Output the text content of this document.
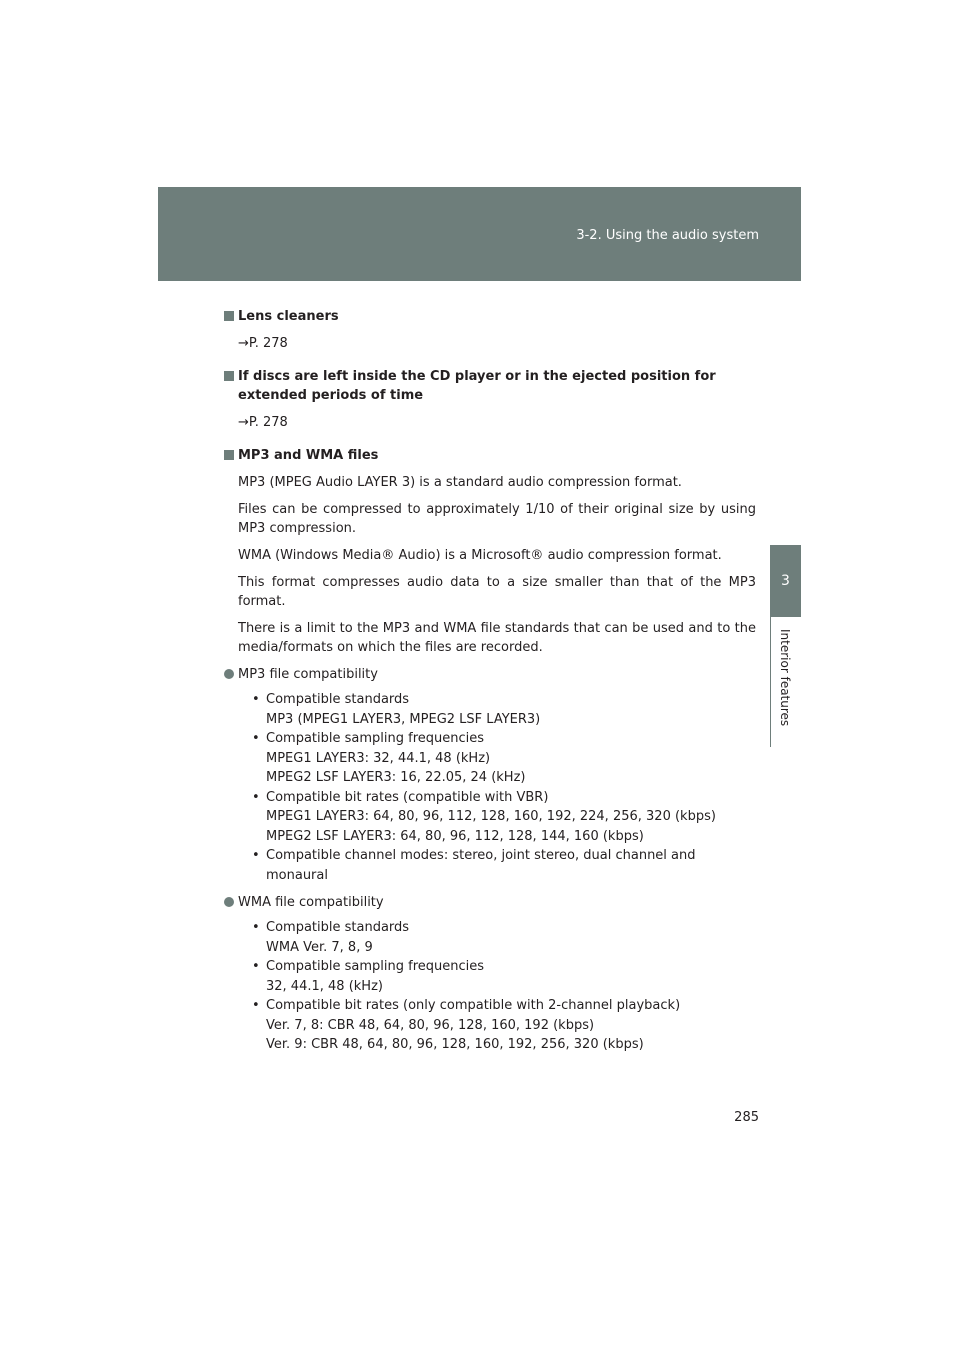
3-2. Using the audio system
3
Interior features
Lens cleaners
→P. 278
If discs are left inside the CD player or in the ejected position for extended periods of time
→P. 278
MP3 and WMA files
MP3 (MPEG Audio LAYER 3) is a standard audio compression format.
Files can be compressed to approximately 1/10 of their original size by using MP3 compression.
WMA (Windows Media® Audio) is a Microsoft® audio compression format.
This format compresses audio data to a size smaller than that of the MP3 format.
There is a limit to the MP3 and WMA file standards that can be used and to the media/formats on which the files are recorded.
MP3 file compatibility
• Compatible standards
MP3 (MPEG1 LAYER3, MPEG2 LSF LAYER3)
• Compatible sampling frequencies
MPEG1 LAYER3: 32, 44.1, 48 (kHz)
MPEG2 LSF LAYER3: 16, 22.05, 24 (kHz)
• Compatible bit rates (compatible with VBR)
MPEG1 LAYER3: 64, 80, 96, 112, 128, 160, 192, 224, 256, 320 (kbps)
MPEG2 LSF LAYER3: 64, 80, 96, 112, 128, 144, 160 (kbps)
• Compatible channel modes: stereo, joint stereo, dual channel and monaural
WMA file compatibility
• Compatible standards
WMA Ver. 7, 8, 9
• Compatible sampling frequencies
32, 44.1, 48 (kHz)
• Compatible bit rates (only compatible with 2-channel playback)
Ver. 7, 8: CBR 48, 64, 80, 96, 128, 160, 192 (kbps)
Ver. 9: CBR 48, 64, 80, 96, 128, 160, 192, 256, 320 (kbps)
285
